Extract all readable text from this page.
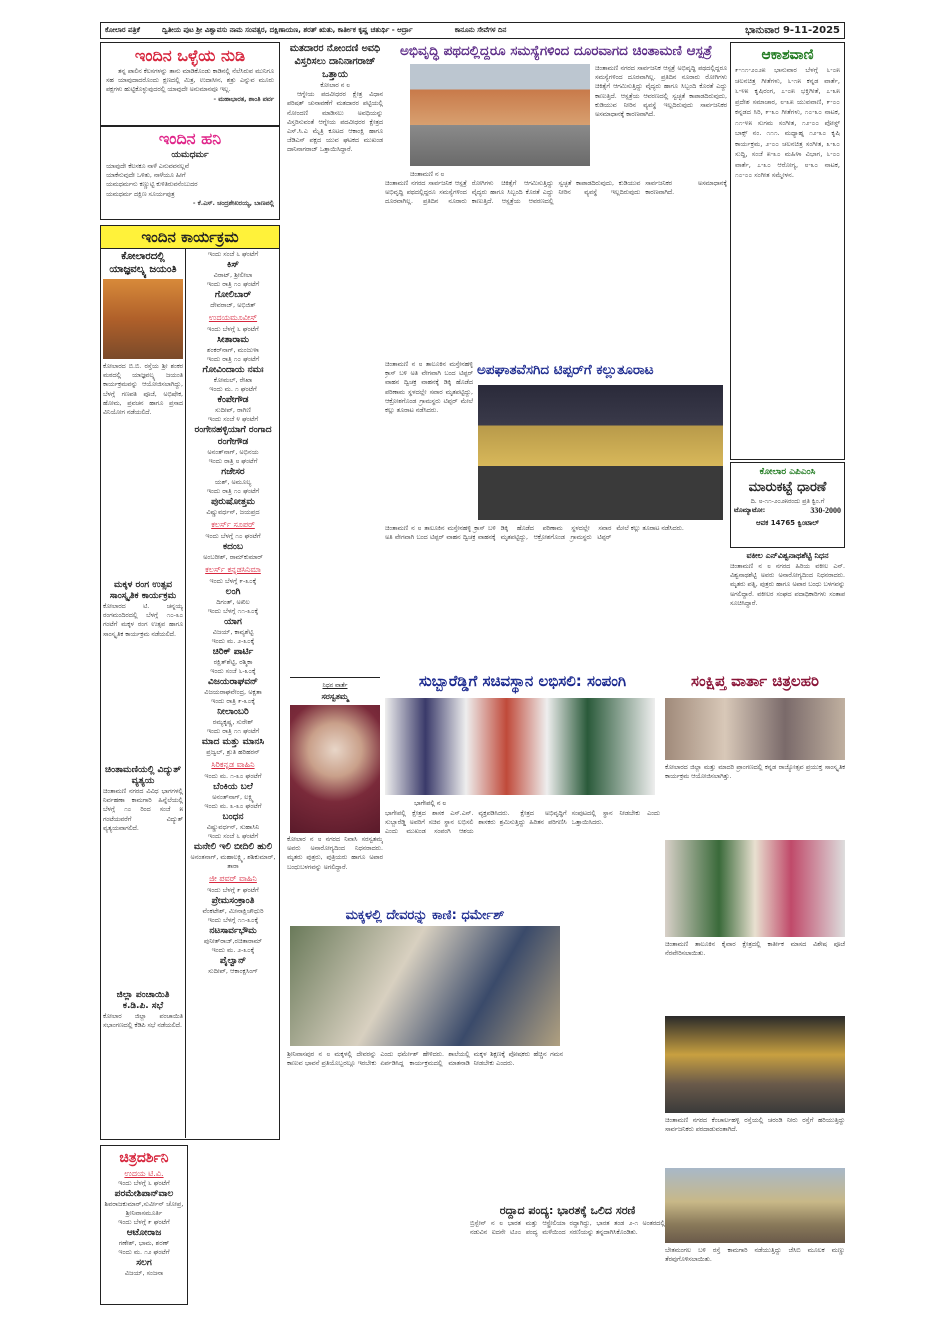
ಕೋಲಾರ ಪತ್ರಿಕೆ	ದ್ವಿತೀಯ ಪುಟ ಶ್ರೀ ವಿಶ್ವಾವಸು ನಾಮ ಸಂವತ್ಸರ, ದಕ್ಷಿಣಾಯಣ, ಶರತ್ ಋತು, ಕಾರ್ತೀಕ ಕೃಷ್ಣ ಚತುರ್ಥಿ - ಆರ್ದ್ರಾ	ಕಾನೂನು ಸೇವೆಗಳ ದಿನ	ಭಾನುವಾರ 9-11-2025
ಇಂದಿನ ಒಳ್ಳೆಯ ನುಡಿ
ತನ್ನ ಪಾಲಿನ ಕೆಲಸಗಳನ್ನು ತಾನು ಮಾಡಿಕೊಂಡು ಕಾಡಿನಲ್ಲಿ ನೆಲೆಸಿರುವ ಮುನಿಗೂ ಸಹ ಯಾವುದಾದರೊಂದು ಕ್ಷಣದಲ್ಲಿ ಮಿತ್ರ, ಉದಾಸೀನ, ಶತ್ರು ಎನ್ನುವ ಮೂರು ಪಕ್ಷಗಳು ಹುಟ್ಟಿಕೊಳ್ಳುವುದರಲ್ಲಿ ಯಾವುದೇ ಅನುಮಾನವೂ ಇಲ್ಲ.
- ಮಹಾಭಾರತ, ಶಾಂತಿ ಪರ್ವ
ಇಂದಿನ ಹನಿ
ಯಮಧರ್ಮ
ಯಾವುದೇ ಕೆಲಸಕೂ ನಾಳೆ ಎನುವವನಲ್ಲವೆ
ಯಾಕೆನುವುದೇ ಒಳಿತು, ನಾಳೆಯೂ ಹೀಗೆ
ಯಮಧರ್ಮನು ಕಣ್ಣುಟ್ಟಿ ಕುಳಿತಿರುವನೆಂಬುದರ
ಯಮಧರ್ಮ ದಕ್ಷಿಣ ಸೂರ್ಯಪುತ್ರ
- ಕೆ.ಎಸ್. ಚಂದ್ರಶೇಖರಯ್ಯ, ಬಾಣಪಲ್ಲಿ
ಇಂದಿನ ಕಾರ್ಯಕ್ರಮ
ಕೋಲಾರದಲ್ಲಿ ಯಾಜ್ಞವಲ್ಕ್ಯ ಜಯಂತಿ
ಕೋಲಾರದ ಬಿ.ಬಿ. ರಸ್ತೆಯ ಶ್ರೀ ಶಂಕರ ಮಠದಲ್ಲಿ ಯಾಜ್ಞವಲ್ಕ್ಯ ಜಯಂತಿ ಕಾರ್ಯಕ್ರಮವನ್ನು ಆಯೋಜಿಸಲಾಗಿದ್ದು, ಬೆಳಗ್ಗೆ ಗಣಪತಿ ಪೂಜೆ, ಅಭಿಷೇಕ, ಹೋಮ, ಪ್ರವಚನ ಹಾಗೂ ಪ್ರಸಾದ ವಿನಿಯೋಗ ನಡೆಯಲಿದೆ.
ಮಕ್ಕಳ ರಂಗ ಉತ್ಸವ ಸಾಂಸ್ಕೃತಿಕ ಕಾರ್ಯಕ್ರಮ
ಕೋಲಾರದ ಟಿ. ಚನ್ನಯ್ಯ ರಂಗಮಂದಿರದಲ್ಲಿ ಬೆಳಗ್ಗೆ ೧೦-೩೦ ಗಂಟೆಗೆ ಮಕ್ಕಳ ರಂಗ ಉತ್ಸವ ಹಾಗೂ ಸಾಂಸ್ಕೃತಿಕ ಕಾರ್ಯಕ್ರಮ ನಡೆಯಲಿದೆ.
ಚಿಂತಾಮಣಿಯಲ್ಲಿ ವಿದ್ಯುತ್ ವ್ಯತ್ಯಯ
ಚಿಂತಾಮಣಿ ನಗರದ ವಿವಿಧ ಭಾಗಗಳಲ್ಲಿ ನಿರ್ವಹಣಾ ಕಾಮಗಾರಿ ಹಿನ್ನೆಲೆಯಲ್ಲಿ ಬೆಳಗ್ಗೆ ೧೦ ರಿಂದ ಸಂಜೆ ೫ ಗಂಟೆಯವರೆಗೆ ವಿದ್ಯುತ್ ವ್ಯತ್ಯಯವಾಗಲಿದೆ.
ಜಿಲ್ಲಾ ಪಂಚಾಯಿತಿ ಕ.ಡಿ.ಪಿ. ಸಭೆ
ಕೋಲಾರ ಜಿಲ್ಲಾ ಪಂಚಾಯಿತಿ ಸಭಾಂಗಣದಲ್ಲಿ ಕೆಡಿಪಿ ಸಭೆ ನಡೆಯಲಿದೆ.
ಇಂದು ಸಂಜೆ ೬ ಘಂಟೆಗೆ
ಕಿಸ್
ವಿರಾಟ್, ಶ್ರೀಲೀಲಾ
ಇಂದು ರಾತ್ರಿ ೧೦ ಘಂಟೆಗೆ
ಗೋಲಿಬಾರ್
ದೇವರಾಜ್, ಅಭಿಜಿತ್
ಉದಯಮೂವೀಸ್
ಇಂದು ಬೆಳಗ್ಗೆ ೬ ಘಂಟೆಗೆ
ಸೀತಾರಾಮ
ಶಂಕರ್‌ನಾಗ್, ಮಂಜುಳಾ
ಇಂದು ರಾತ್ರಿ ೧೦ ಘಂಟೆಗೆ
ಗೋವಿಂದಾಯ ನಮಃ
ಕೋಮಲ್, ರೇಖಾ
ಇಂದು ಮ. ೧ ಘಂಟೆಗೆ
ಕೆಂಪೇಗೌಡ
ಸುದೀಪ್, ರಾಗಿಣಿ
ಇಂದು ಸಂಜೆ ೪ ಘಂಟೆಗೆ
ರಂಗೇನಹಳ್ಳಿಯಾಗೆ ರಂಗಾದ ರಂಗೇಗೌಡ
ಅನಂತ್‌ನಾಗ್, ಅಭಿನಯ
ಇಂದು ರಾತ್ರಿ ೮ ಘಂಟೆಗೆ
ಗಜೇಸರ
ಯಶ್, ಅಮೂಲ್ಯ
ಇಂದು ರಾತ್ರಿ ೧೦ ಘಂಟೆಗೆ
ಪುರುಷೋತ್ತಮ
ವಿಷ್ಣುವರ್ಧನ್, ಜಯಪ್ರದ
ಕಲರ್ಸ್ ಸೂಪರ್
ಇಂದು ಬೆಳಗ್ಗೆ ೧೦ ಘಂಟೆಗೆ
ಕದಂಬ
ಅಂಬರೀಶ್, ರಾಮ್‌ಕುಮಾರ್
ಕಲರ್ಸ್ ಕನ್ನಡಸಿನಿಮಾ
ಇಂದು ಬೆಳಗ್ಗೆ ೯-೩೦ಕ್ಕೆ
ಲಂಗಿ
ದಿಗಂತ್, ಅಖಿಲ
ಇಂದು ಬೆಳಗ್ಗೆ ೧೧-೩೦ಕ್ಕೆ
ಯಾಗ
ವಿಜಯ್, ಕಾವ್ಯಶೆಟ್ಟಿ
ಇಂದು ಮ. ೨-೩೦ಕ್ಕೆ
ಚಿರಿಕ್ ಪಾರ್ಟಿ
ರಕ್ಷಿತ್‌ಶೆಟ್ಟಿ, ರಶ್ಮಿಕಾ
ಇಂದು ಸಂಜೆ ೬-೩೦ಕ್ಕೆ
ವಿಜಯರಾಘವನ್
ವಿಜಯರಾಘವೇಂದ್ರ, ಅಕ್ಷತಾ
ಇಂದು ರಾತ್ರಿ ೯-೩೦ಕ್ಕೆ
ನೀಲಾಂಬರಿ
ರಮ್ಯಕೃಷ್ಣ, ಸುರೇಶ್
ಇಂದು ರಾತ್ರಿ ೧೧ ಘಂಟೆಗೆ
ಮಾದ ಮತ್ತು ಮಾನಸಿ
ಪ್ರಜ್ವಲ್, ಶ್ರುತಿ ಹರಿಹರನ್
ಸಿರಿಕನ್ನಡ ವಾಹಿನಿ
ಇಂದು ಮ. ೧-೩೦ ಘಂಟೆಗೆ
ಬೆಂಕಿಯ ಬಲೆ
ಅನಂತ್‌ನಾಗ್, ಲಕ್ಷ್ಮಿ
ಇಂದು ಮ. ೩-೩೦ ಘಂಟೆಗೆ
ಬಂಧನ
ವಿಷ್ಣುವರ್ಧನ್, ಸುಹಾಸಿನಿ
ಇಂದು ಸಂಜೆ ೬ ಘಂಟೆಗೆ
ಮನೇಲಿ ಇಲಿ ಬೀದಿಲಿ ಹುಲಿ
ಅನಂತನಾಗ್, ಮಹಾಲಕ್ಷ್ಮಿ, ಶಶಿಕುಮಾರ್, ತಾರಾ
ಜೀ ಪವರ್ ವಾಹಿನಿ
ಇಂದು ಬೆಳಗ್ಗೆ ೯ ಘಂಟೆಗೆ
ಪ್ರೇಮಸಂಕ್ರಾಂತಿ
ವೆಂಕಟೇಶ್, ಮೀನಾಕ್ಷಿಚೌಧುರಿ
ಇಂದು ಬೆಳಗ್ಗೆ ೧೧-೩೦ಕ್ಕೆ
ನಟಸಾರ್ವಭೌಮ
ಪುನೀತ್‌ರಾಜ್,ರಚಿತಾರಾಮ್
ಇಂದು ಮ. ೨-೩೦ಕ್ಕೆ
ಪೈಲ್ವಾನ್
ಸುದೀಪ್, ಆಕಾಂಕ್ಷಸಿಂಗ್
ಚಿತ್ರದರ್ಶಿನಿ
ಉದಯ ಟಿ.ವಿ.
ಇಂದು ಬೆಳಗ್ಗೆ ೬ ಘಂಟೆಗೆ
ಪರಮೇಶಿಪಾನ್‌ವಾಲ
ಶಿವರಾಜಕುಮಾರ್,ಸುರ್ವೀನ್ ಚೋಪ್ರ, ಶ್ರೀನಿವಾಸಮೂರ್ತಿ
ಇಂದು ಬೆಳಗ್ಗೆ ೯ ಘಂಟೆಗೆ
ಆಟೋರಾಜ
ಗಣೇಶ್, ಭಾಮ, ಶರಣ್
ಇಂದು ಮ. ೧೨ ಘಂಟೆಗೆ
ಸಲಗ
ವಿಜಯ್, ಸಂಜನಾ
ಮತದಾರರ ನೋಂದಣಿ ಅವಧಿ ವಿಸ್ತರಿಸಲು ದಾನಿನಾಗರಾಜ್ ಒತ್ತಾಯ
ಕೋಲಾರ ನ ೮
ಆಗ್ನೇಯ ಪದವೀಧರರ ಕ್ಷೇತ್ರ ವಿಧಾನ ಪರಿಷತ್ ಚುನಾವಣೆಗೆ ಮತದಾರರ ಪಟ್ಟಿಯಲ್ಲಿ ನೋಂದಣಿ ಮಾಡಿಸಲು ಅವಧಿಯನ್ನು ವಿಸ್ತರಿಸುವಂತೆ ಆಗ್ನೇಯ ಪದವೀಧರರ ಕ್ಷೇತ್ರದ ಎಸ್.ಸಿ.ಎ ಮೈತ್ರಿ ಕೂಟದ ಆಕಾಂಕ್ಷಿ ಹಾಗೂ ಜೆಡಿಎಸ್ ಪಕ್ಷದ ಯುವ ಘಟಕದ ಮುಖಂಡ ದಾನಿನಾಗರಾಜ್ ಒತ್ತಾಯಿಸಿದ್ದಾರೆ.
ನಿಧನ ವಾರ್ತೆ
ಸರಸ್ವತಮ್ಮ
ಕೋಲಾರ ನ ೮ ನಗರದ ನಿವಾಸಿ ಸರಸ್ವತಮ್ಮ ಅವರು ಅನಾರೋಗ್ಯದಿಂದ ನಿಧನರಾದರು. ಮೃತರು ಪುತ್ರರು, ಪುತ್ರಿಯರು ಹಾಗೂ ಅಪಾರ ಬಂಧುಬಳಗವನ್ನು ಅಗಲಿದ್ದಾರೆ.
ಮಕ್ಕಳಲ್ಲಿ ದೇವರನ್ನು ಕಾಣಿ: ಧರ್ಮೇಶ್
ಶ್ರೀನಿವಾಸಪುರ ನ ೮ ಮಕ್ಕಳಲ್ಲಿ ದೇವರನ್ನು ಕಾಣುವ ಭಾವನೆ ಪ್ರತಿಯೊಬ್ಬರಲ್ಲೂ ಇರಬೇಕು ಎಂದು ಧರ್ಮೇಶ್ ಹೇಳಿದರು. ಶಾಲೆಯಲ್ಲಿ ಏರ್ಪಡಿಸಿದ್ದ ಕಾರ್ಯಕ್ರಮದಲ್ಲಿ ಮಾತನಾಡಿ ಮಕ್ಕಳ ಶಿಕ್ಷಣಕ್ಕೆ ಪೋಷಕರು ಹೆಚ್ಚಿನ ಗಮನ ನೀಡಬೇಕು ಎಂದರು.
ಅಭಿವೃದ್ಧಿ ಪಥದಲ್ಲಿದ್ದರೂ ಸಮಸ್ಯೆಗಳಿಂದ ದೂರವಾಗದ ಚಿಂತಾಮಣಿ ಆಸ್ಪತ್ರೆ
ಚಿಂತಾಮಣಿ ನಗರದ ಸಾರ್ವಜನಿಕ ಆಸ್ಪತ್ರೆ ಅಭಿವೃದ್ಧಿ ಪಥದಲ್ಲಿದ್ದರೂ ಸಮಸ್ಯೆಗಳಿಂದ ದೂರವಾಗಿಲ್ಲ. ಪ್ರತಿದಿನ ನೂರಾರು ರೋಗಿಗಳು ಚಿಕಿತ್ಸೆಗೆ ಆಗಮಿಸುತ್ತಿದ್ದು ವೈದ್ಯರು ಹಾಗೂ ಸಿಬ್ಬಂದಿ ಕೊರತೆ ಎದ್ದು ಕಾಣುತ್ತಿದೆ. ಆಸ್ಪತ್ರೆಯ ಆವರಣದಲ್ಲಿ ಸ್ವಚ್ಛತೆ ಕಾಪಾಡದಿರುವುದು, ಕುಡಿಯುವ ನೀರಿನ ವ್ಯವಸ್ಥೆ ಇಲ್ಲದಿರುವುದು ಸಾರ್ವಜನಿಕರ ಅಸಮಾಧಾನಕ್ಕೆ ಕಾರಣವಾಗಿದೆ.
ಚಿಂತಾಮಣಿ ನ ೮
ಚಿಂತಾಮಣಿ ನಗರದ ಸಾರ್ವಜನಿಕ ಆಸ್ಪತ್ರೆ ಅಭಿವೃದ್ಧಿ ಪಥದಲ್ಲಿದ್ದರೂ ಸಮಸ್ಯೆಗಳಿಂದ ದೂರವಾಗಿಲ್ಲ. ಪ್ರತಿದಿನ ನೂರಾರು ರೋಗಿಗಳು ಚಿಕಿತ್ಸೆಗೆ ಆಗಮಿಸುತ್ತಿದ್ದು ವೈದ್ಯರು ಹಾಗೂ ಸಿಬ್ಬಂದಿ ಕೊರತೆ ಎದ್ದು ಕಾಣುತ್ತಿದೆ. ಆಸ್ಪತ್ರೆಯ ಆವರಣದಲ್ಲಿ ಸ್ವಚ್ಛತೆ ಕಾಪಾಡದಿರುವುದು, ಕುಡಿಯುವ ನೀರಿನ ವ್ಯವಸ್ಥೆ ಇಲ್ಲದಿರುವುದು ಸಾರ್ವಜನಿಕರ ಅಸಮಾಧಾನಕ್ಕೆ ಕಾರಣವಾಗಿದೆ.
ಅಪಘಾತವೆಸಗಿದ ಟಿಪ್ಪರ್‌ಗೆ ಕಲ್ಲುತೂರಾಟ
ಚಿಂತಾಮಣಿ ನ ೮ ತಾಲೂಕಿನ ಮಸ್ತೇನಹಳ್ಳಿ ಕ್ರಾಸ್ ಬಳಿ ಅತಿ ವೇಗವಾಗಿ ಬಂದ ಟಿಪ್ಪರ್ ವಾಹನ ದ್ವಿಚಕ್ರ ವಾಹನಕ್ಕೆ ಡಿಕ್ಕಿ ಹೊಡೆದ ಪರಿಣಾಮ ಸ್ಥಳದಲ್ಲೇ ಸವಾರ ಮೃತಪಟ್ಟಿದ್ದು, ಆಕ್ರೋಶಗೊಂಡ ಗ್ರಾಮಸ್ಥರು ಟಿಪ್ಪರ್ ಮೇಲೆ ಕಲ್ಲು ತೂರಾಟ ನಡೆಸಿದರು.
ಚಿಂತಾಮಣಿ ನ ೮ ತಾಲೂಕಿನ ಮಸ್ತೇನಹಳ್ಳಿ ಕ್ರಾಸ್ ಬಳಿ ಅತಿ ವೇಗವಾಗಿ ಬಂದ ಟಿಪ್ಪರ್ ವಾಹನ ದ್ವಿಚಕ್ರ ವಾಹನಕ್ಕೆ ಡಿಕ್ಕಿ ಹೊಡೆದ ಪರಿಣಾಮ ಸ್ಥಳದಲ್ಲೇ ಸವಾರ ಮೃತಪಟ್ಟಿದ್ದು, ಆಕ್ರೋಶಗೊಂಡ ಗ್ರಾಮಸ್ಥರು ಟಿಪ್ಪರ್ ಮೇಲೆ ಕಲ್ಲು ತೂರಾಟ ನಡೆಸಿದರು.
ಆಕಾಶವಾಣಿ
೯-೧೧-೨೦೨೫ ಭಾನುವಾರ ಬೆಳಗ್ಗೆ ೬-೦೫ ಚಲನಚಿತ್ರ ಗೀತೆಗಳು, ೬-೧೫ ಕನ್ನಡ ವಾರ್ತೆ, ೬-೪೫ ಕೃಷಿರಂಗ, ೭-೦೫ ಭಕ್ತಿಗೀತೆ, ೭-೩೫ ಪ್ರದೇಶ ಸಮಾಚಾರ, ೮-೩೫ ಯುವವಾಣಿ, ೯-೦೦ ಕನ್ನಡದ ಸಿರಿ, ೯-೩೦ ಗೀತೆಗಳು, ೧೦-೩೦ ನಾಟಕ, ೧೧-೪೫ ಸುಗಮ ಸಂಗೀತ, ೧೨-೦೦ ಪೋಸ್ಟ್ ಬಾಕ್ಸ್ ನಂ. ೧೧೧. ಮಧ್ಯಾಹ್ನ ೧೨-೩೦ ಕೃಷಿ ಕಾರ್ಯಕ್ರಮ, ೨-೦೦ ಚಲನಚಿತ್ರ ಸಂಗೀತ, ೩-೩೦ ಸುದ್ದಿ, ಸಂಜೆ ೫-೩೦ ಮಹಿಳಾ ವಿಭಾಗ, ೬-೦೦ ವಾರ್ತೆ, ೭-೩೦ ಆರೋಗ್ಯ, ೮-೩೦ ನಾಟಕ, ೧೦-೦೦ ಸಂಗೀತ ಸಮ್ಮೇಳನ.
ಕೋಲಾರ ಎಪಿಎಂಸಿ
ಮಾರುಕಟ್ಟೆ ಧಾರಣೆ
ದಿ. ೮-೧೧-೨೦೨೫ರಂದು ಪ್ರತಿ ಕ್ವಿಂ.ಗೆ
ಟೊಮ್ಯಾಟೋ:	330-2000
ಆವಕ 14765 ಕ್ವಿಂಟಾಲ್
ವಕೀಲ ಎನ್‌ವಿಶ್ವನಾಥಶೆಟ್ಟಿ ನಿಧನ
ಚಿಂತಾಮಣಿ ನ ೮ ನಗರದ ಹಿರಿಯ ವಕೀಲ ಎನ್. ವಿಶ್ವನಾಥಶೆಟ್ಟಿ ಅವರು ಅನಾರೋಗ್ಯದಿಂದ ನಿಧನರಾದರು. ಮೃತರು ಪತ್ನಿ, ಪುತ್ರರು ಹಾಗೂ ಅಪಾರ ಬಂಧು ಬಳಗವನ್ನು ಅಗಲಿದ್ದಾರೆ. ವಕೀಲರ ಸಂಘದ ಪದಾಧಿಕಾರಿಗಳು ಸಂತಾಪ ಸೂಚಿಸಿದ್ದಾರೆ.
ಸುಬ್ಬಾರೆಡ್ಡಿಗೆ ಸಚಿವಸ್ಥಾನ ಲಭಿಸಲಿ: ಸಂಪಂಗಿ
ಭಾಗೇಪಲ್ಲಿ ನ ೮
ಭಾಗೇಪಲ್ಲಿ ಕ್ಷೇತ್ರದ ಶಾಸಕ ಎಸ್.ಎನ್. ಸುಬ್ಬಾರೆಡ್ಡಿ ಅವರಿಗೆ ಸಚಿವ ಸ್ಥಾನ ಲಭಿಸಲಿ ಎಂದು ಮುಖಂಡ ಸಂಪಂಗಿ ಆಶಯ ವ್ಯಕ್ತಪಡಿಸಿದರು. ಕ್ಷೇತ್ರದ ಅಭಿವೃದ್ಧಿಗೆ ಶಾಸಕರು ಶ್ರಮಿಸುತ್ತಿದ್ದು ಹಿರಿತನ ಪರಿಗಣಿಸಿ ಸಂಪುಟದಲ್ಲಿ ಸ್ಥಾನ ನೀಡಬೇಕು ಎಂದು ಒತ್ತಾಯಿಸಿದರು.
ರದ್ದಾದ ಪಂದ್ಯ: ಭಾರತಕ್ಕೆ ಒಲಿದ ಸರಣಿ
ಬ್ರಿಸ್ಬೇನ್ ನ ೮ ಭಾರತ ಮತ್ತು ಆಸ್ಟ್ರೇಲಿಯಾ ನಡುವಿನ ಐದನೇ ಟಿ೨೦ ಪಂದ್ಯ ಮಳೆಯಿಂದ ರದ್ದಾಗಿದ್ದು, ಭಾರತ ತಂಡ ೨-೧ ಅಂತರದಲ್ಲಿ ಸರಣಿಯನ್ನು ತನ್ನದಾಗಿಸಿಕೊಂಡಿತು.
ಸಂಕ್ಷಿಪ್ತ ವಾರ್ತಾ ಚಿತ್ರಲಹರಿ
ಕೋಲಾರದ ಜಿಲ್ಲಾ ಮತ್ತು ಮಾದರಿ ಪ್ರಾಂಗಣದಲ್ಲಿ ಕನ್ನಡ ರಾಜ್ಯೋತ್ಸವ ಪ್ರಯುಕ್ತ ಸಾಂಸ್ಕೃತಿಕ ಕಾರ್ಯಕ್ರಮ ಆಯೋಜಿಸಲಾಗಿತ್ತು.
ಚಿಂತಾಮಣಿ ತಾಲೂಕಿನ ಕೈವಾರ ಕ್ಷೇತ್ರದಲ್ಲಿ ಕಾರ್ತೀಕ ಮಾಸದ ವಿಶೇಷ ಪೂಜೆ ನೆರವೇರಿಸಲಾಯಿತು.
ಚಿಂತಾಮಣಿ ನಗರದ ಕೆಂಚಾರ್ಲಹಳ್ಳಿ ರಸ್ತೆಯಲ್ಲಿ ಚರಂಡಿ ನೀರು ರಸ್ತೆಗೆ ಹರಿಯುತ್ತಿದ್ದು ಸಾರ್ವಜನಿಕರು ಪರದಾಡುವಂತಾಗಿದೆ.
ಬೇತಮಂಗಲ ಬಳಿ ರಸ್ತೆ ಕಾಮಗಾರಿ ನಡೆಯುತ್ತಿದ್ದು ಜೆಸಿಬಿ ಮೂಲಕ ಮಣ್ಣು ತೆರವುಗೊಳಿಸಲಾಯಿತು.
